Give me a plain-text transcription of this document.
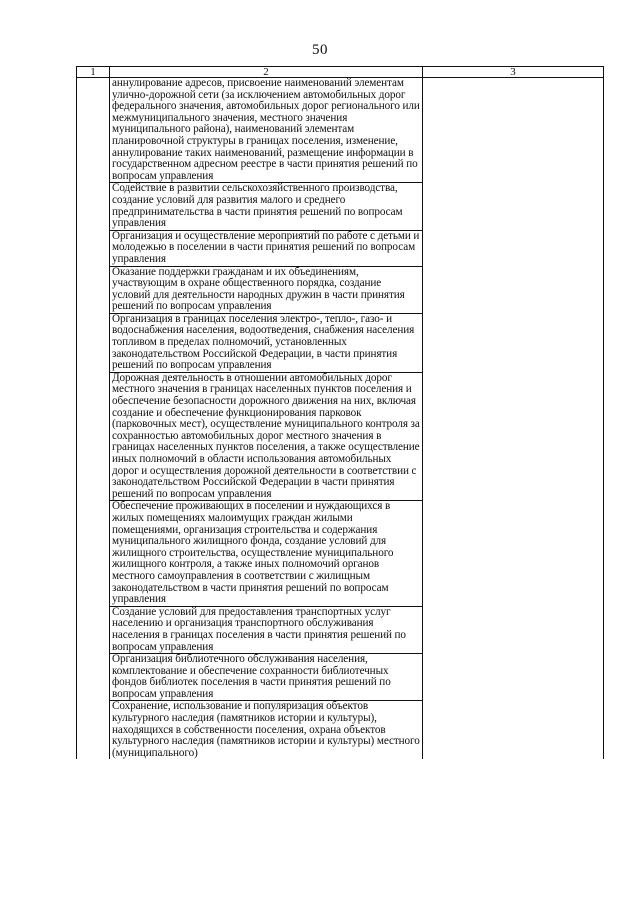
50
1	2	3
	аннулирование адресов, присвоение наименований элементам улично-дорожной сети (за исключением автомобильных дорог федерального значения, автомобильных дорог регионального или межмуниципального значения, местного значения муниципального района), наименований элементам планировочной структуры в границах поселения, изменение, аннулирование таких наименований, размещение информации в государственном адресном реестре в части принятия решений по вопросам управления	
	Содействие в развитии сельскохозяйственного производства, создание условий для развития малого и среднего предпринимательства в части принятия решений по вопросам управления	
	Организация и осуществление мероприятий по работе с детьми и молодежью в поселении в части принятия решений по вопросам управления	
	Оказание поддержки гражданам и их объединениям, участвующим в охране общественного порядка, создание условий для деятельности народных дружин в части принятия решений по вопросам управления	
	Организация в границах поселения электро-, тепло-, газо- и водоснабжения населения, водоотведения, снабжения населения топливом в пределах полномочий, установленных законодательством Российской Федерации, в части принятия решений по вопросам управления	
	Дорожная деятельность в отношении автомобильных дорог местного значения в границах населенных пунктов поселения и обеспечение безопасности дорожного движения на них, включая создание и обеспечение функционирования парковок (парковочных мест), осуществление муниципального контроля за сохранностью автомобильных дорог местного значения в границах населенных пунктов поселения, а также осуществление иных полномочий в области использования автомобильных дорог и осуществления дорожной деятельности в соответствии с законодательством Российской Федерации в части принятия решений по вопросам управления	
	Обеспечение проживающих в поселении и нуждающихся в жилых помещениях малоимущих граждан жилыми помещениями, организация строительства и содержания муниципального жилищного фонда, создание условий для жилищного строительства, осуществление муниципального жилищного контроля, а также иных полномочий органов местного самоуправления в соответствии с жилищным законодательством в части принятия решений по вопросам управления	
	Создание условий для предоставления транспортных услуг населению и организация транспортного обслуживания населения в границах поселения в части принятия решений по вопросам управления	
	Организация библиотечного обслуживания населения, комплектование и обеспечение сохранности библиотечных фондов библиотек поселения в части принятия решений по вопросам управления	
	Сохранение, использование и популяризация объектов культурного наследия (памятников истории и культуры), находящихся в собственности поселения, охрана объектов культурного наследия (памятников истории и культуры) местного (муниципального)	
